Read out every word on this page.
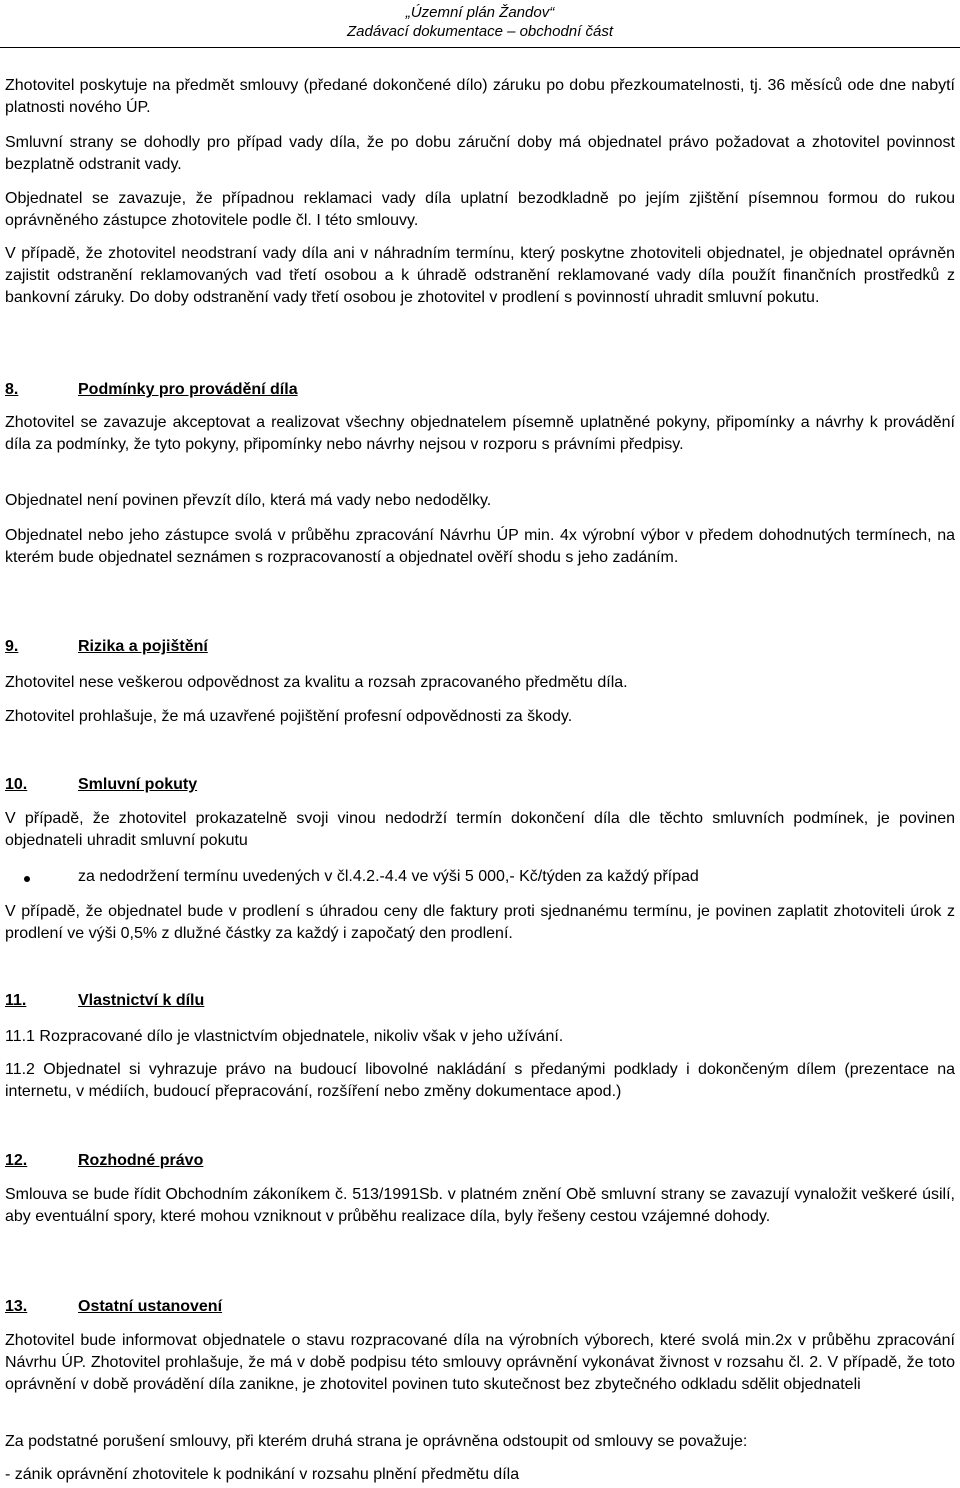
„Územní plán Žandov“
Zadávací dokumentace – obchodní část

Zhotovitel poskytuje na předmět smlouvy (předané dokončené dílo) záruku po dobu přezkoumatelnosti, tj. 36 měsíců ode dne nabytí platnosti nového ÚP.

Smluvní strany se dohodly pro případ vady díla, že po dobu záruční doby má objednatel právo požadovat a zhotovitel povinnost bezplatně odstranit vady.

Objednatel se zavazuje, že případnou reklamaci vady díla uplatní bezodkladně po jejím zjištění písemnou formou do rukou oprávněného zástupce zhotovitele podle čl. I této smlouvy.

V případě, že zhotovitel neodstraní vady díla ani v náhradním termínu, který poskytne zhotoviteli objednatel, je objednatel oprávněn zajistit odstranění reklamovaných vad třetí osobou a k úhradě odstranění reklamované vady díla použít finančních prostředků z bankovní záruky. Do doby odstranění vady třetí osobou je zhotovitel v prodlení s povinností uhradit smluvní pokutu.

8.	Podmínky pro provádění díla

Zhotovitel se zavazuje akceptovat a realizovat všechny objednatelem písemně uplatněné pokyny, připomínky a návrhy k provádění díla za podmínky, že tyto pokyny, připomínky nebo návrhy nejsou v rozporu s právními předpisy.

Objednatel není povinen převzít dílo, která má vady nebo nedodělky.

Objednatel nebo jeho zástupce svolá v průběhu zpracování Návrhu ÚP min. 4x výrobní výbor v předem dohodnutých termínech, na kterém bude objednatel seznámen s rozpracovaností a objednatel ověří shodu s jeho zadáním.

9.	Rizika a pojištění

Zhotovitel nese veškerou odpovědnost za kvalitu a rozsah zpracovaného předmětu díla.

Zhotovitel prohlašuje, že má uzavřené pojištění profesní odpovědnosti za škody.

10.	Smluvní pokuty

V případě, že zhotovitel prokazatelně svoji vinou nedodrží termín dokončení díla dle těchto smluvních podmínek, je povinen objednateli uhradit smluvní pokutu

za nedodržení termínu uvedených v čl.4.2.-4.4 ve výši 5 000,- Kč/týden za každý případ

V případě, že objednatel bude v prodlení s úhradou ceny dle faktury proti sjednanému termínu, je povinen zaplatit zhotoviteli úrok z prodlení ve výši 0,5% z dlužné částky za každý i započatý den prodlení.

11.	Vlastnictví k dílu

11.1 Rozpracované dílo je vlastnictvím objednatele, nikoliv však v jeho užívání.

11.2 Objednatel si vyhrazuje právo na budoucí libovolné nakládání s předanými podklady i dokončeným dílem (prezentace na internetu, v médiích, budoucí přepracování, rozšíření nebo změny dokumentace apod.)

12.	Rozhodné právo

Smlouva se bude řídit Obchodním zákoníkem č. 513/1991Sb. v platném znění Obě smluvní strany se zavazují vynaložit veškeré úsilí, aby eventuální spory, které mohou vzniknout v průběhu realizace díla, byly řešeny cestou vzájemné dohody.

13.	Ostatní ustanovení

Zhotovitel bude informovat objednatele o stavu rozpracované díla na výrobních výborech, které svolá min.2x v průběhu zpracování Návrhu ÚP. Zhotovitel prohlašuje, že má v době podpisu této smlouvy oprávnění vykonávat živnost v rozsahu čl. 2. V případě, že toto oprávnění v době provádění díla zanikne, je zhotovitel povinen tuto skutečnost bez zbytečného odkladu sdělit objednateli

Za podstatné porušení smlouvy, při kterém druhá strana je oprávněna odstoupit od smlouvy se považuje:

- zánik oprávnění zhotovitele k podnikání v rozsahu plnění předmětu díla
